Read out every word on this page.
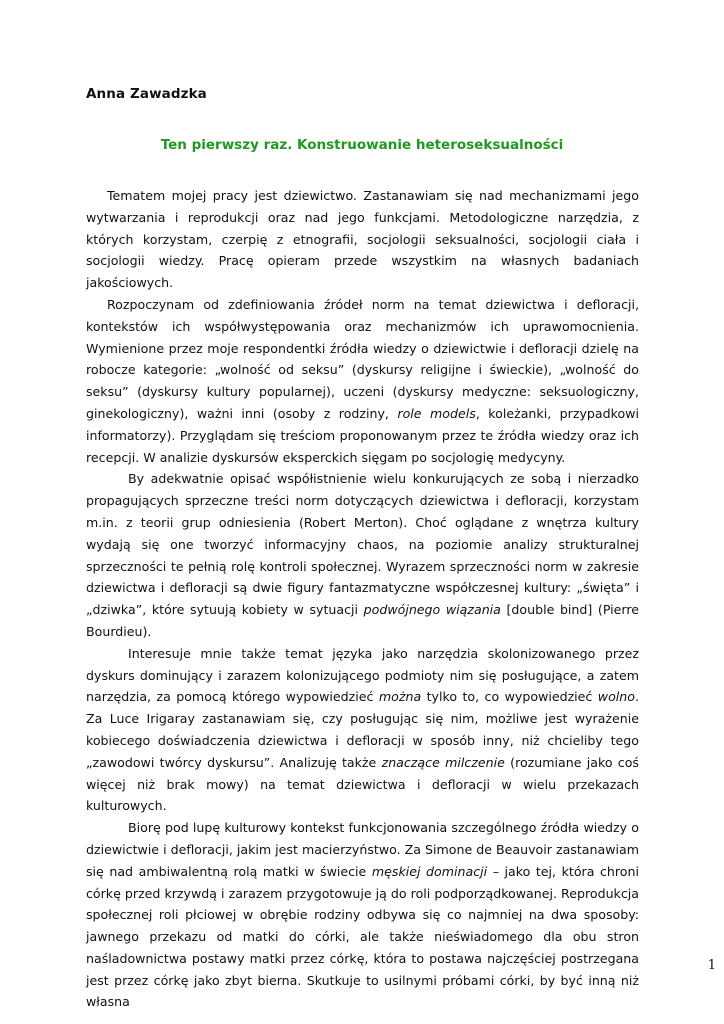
Anna Zawadzka
Ten pierwszy raz. Konstruowanie heteroseksualności

Tematem mojej pracy jest dziewictwo. Zastanawiam się nad mechanizmami jego wytwarzania i reprodukcji oraz nad jego funkcjami. Metodologiczne narzędzia, z których korzystam, czerpię z etnografii, socjologii seksualności, socjologii ciała i socjologii wiedzy. Pracę opieram przede wszystkim na własnych badaniach jakościowych.

Rozpoczynam od zdefiniowania źródeł norm na temat dziewictwa i defloracji, kontekstów ich współwystępowania oraz mechanizmów ich uprawomocnienia. Wymienione przez moje respondentki źródła wiedzy o dziewictwie i defloracji dzielę na robocze kategorie: „wolność od seksu” (dyskursy religijne i świeckie), „wolność do seksu” (dyskursy kultury popularnej), uczeni (dyskursy medyczne: seksuologiczny, ginekologiczny), ważni inni (osoby z rodziny, role models, koleżanki, przypadkowi informatorzy). Przyglądam się treściom proponowanym przez te źródła wiedzy oraz ich recepcji. W analizie dyskursów eksperckich sięgam po socjologię medycyny.

By adekwatnie opisać współistnienie wielu konkurujących ze sobą i nierzadko propagujących sprzeczne treści norm dotyczących dziewictwa i defloracji, korzystam m.in. z teorii grup odniesienia (Robert Merton). Choć oglądane z wnętrza kultury wydają się one tworzyć informacyjny chaos, na poziomie analizy strukturalnej sprzeczności te pełnią rolę kontroli społecznej. Wyrazem sprzeczności norm w zakresie dziewictwa i defloracji są dwie figury fantazmatyczne współczesnej kultury: „święta” i „dziwka”, które sytuują kobiety w sytuacji podwójnego wiązania [double bind] (Pierre Bourdieu).

Interesuje mnie także temat języka jako narzędzia skolonizowanego przez dyskurs dominujący i zarazem kolonizującego podmioty nim się posługujące, a zatem narzędzia, za pomocą którego wypowiedzieć można tylko to, co wypowiedzieć wolno. Za Luce Irigaray zastanawiam się, czy posługując się nim, możliwe jest wyrażenie kobiecego doświadczenia dziewictwa i defloracji w sposób inny, niż chcieliby tego „zawodowi twórcy dyskursu”. Analizuję także znaczące milczenie (rozumiane jako coś więcej niż brak mowy) na temat dziewictwa i defloracji w wielu przekazach kulturowych.

Biorę pod lupę kulturowy kontekst funkcjonowania szczególnego źródła wiedzy o dziewictwie i defloracji, jakim jest macierzyństwo. Za Simone de Beauvoir zastanawiam się nad ambiwalentną rolą matki w świecie męskiej dominacji – jako tej, która chroni córkę przed krzywdą i zarazem przygotowuje ją do roli podporządkowanej. Reprodukcja społecznej roli płciowej w obrębie rodziny odbywa się co najmniej na dwa sposoby: jawnego przekazu od matki do córki, ale także nieświadomego dla obu stron naśladownictwa postawy matki przez córkę, która to postawa najczęściej postrzegana jest przez córkę jako zbyt bierna. Skutkuje to usilnymi próbami córki, by być inną niż własna

1
